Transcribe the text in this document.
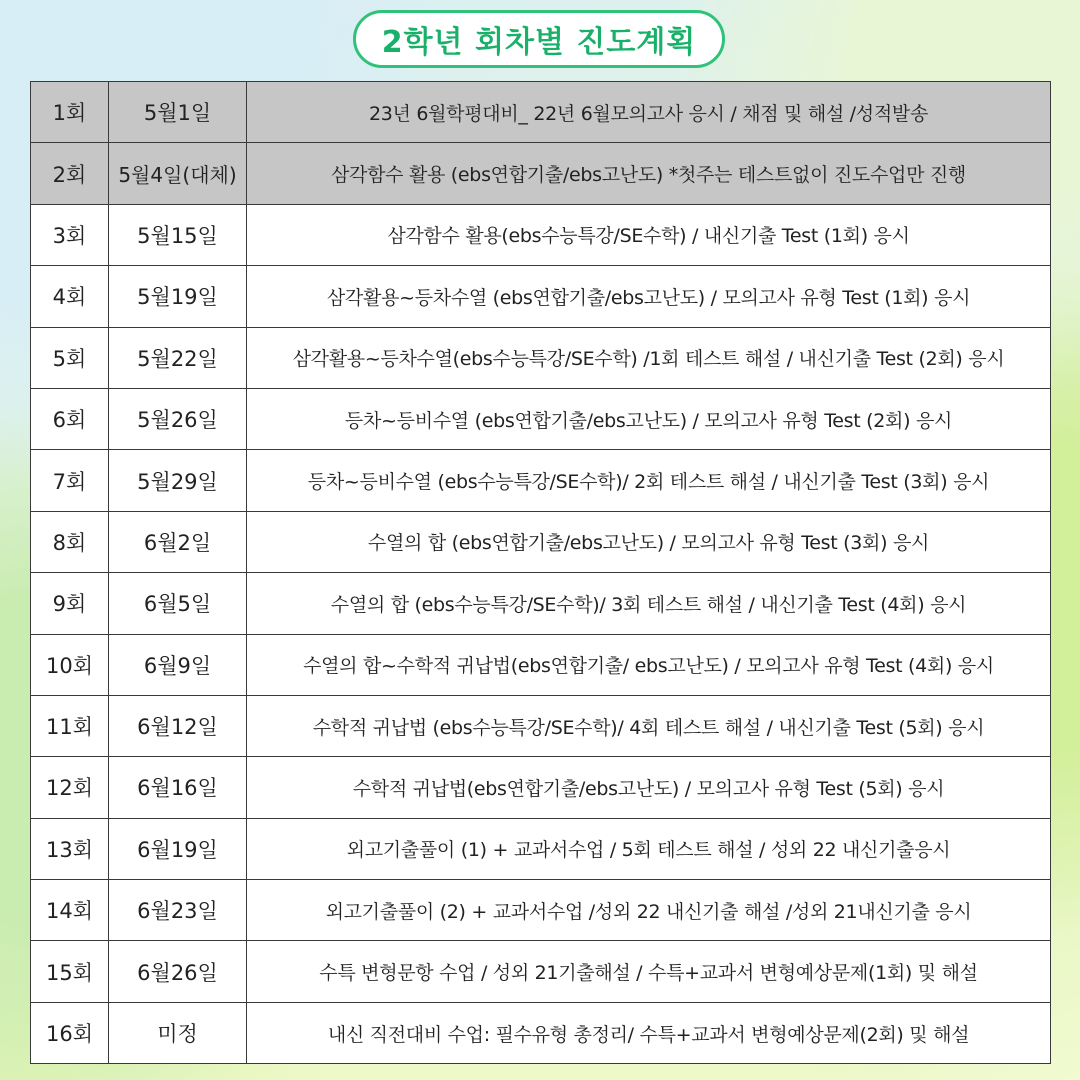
2학년 회차별 진도계획
1회	5월1일	23년 6월학평대비_ 22년 6월모의고사 응시 / 채점 및 해설 /성적발송
2회	5월4일(대체)	삼각함수 활용 (ebs연합기출/ebs고난도) *첫주는 테스트없이 진도수업만 진행
3회	5월15일	삼각함수 활용(ebs수능특강/SE수학) / 내신기출 Test (1회) 응시
4회	5월19일	삼각활용~등차수열 (ebs연합기출/ebs고난도) / 모의고사 유형 Test (1회) 응시
5회	5월22일	삼각활용~등차수열(ebs수능특강/SE수학) /1회 테스트 해설 / 내신기출 Test (2회) 응시
6회	5월26일	등차~등비수열 (ebs연합기출/ebs고난도) / 모의고사 유형 Test (2회) 응시
7회	5월29일	등차~등비수열 (ebs수능특강/SE수학)/ 2회 테스트 해설 / 내신기출 Test (3회) 응시
8회	6월2일	수열의 합 (ebs연합기출/ebs고난도) / 모의고사 유형 Test (3회) 응시
9회	6월5일	수열의 합 (ebs수능특강/SE수학)/ 3회 테스트 해설 / 내신기출 Test (4회) 응시
10회	6월9일	수열의 합~수학적 귀납법(ebs연합기출/ ebs고난도) / 모의고사 유형 Test (4회) 응시
11회	6월12일	수학적 귀납법 (ebs수능특강/SE수학)/ 4회 테스트 해설 / 내신기출 Test (5회) 응시
12회	6월16일	수학적 귀납법(ebs연합기출/ebs고난도) / 모의고사 유형 Test (5회) 응시
13회	6월19일	외고기출풀이 (1) + 교과서수업 / 5회 테스트 해설 / 성외 22 내신기출응시
14회	6월23일	외고기출풀이 (2) + 교과서수업 /성외 22 내신기출 해설 /성외 21내신기출 응시
15회	6월26일	수특 변형문항 수업 / 성외 21기출해설 / 수특+교과서 변형예상문제(1회) 및 해설
16회	미정	내신 직전대비 수업: 필수유형 총정리/ 수특+교과서 변형예상문제(2회) 및 해설
